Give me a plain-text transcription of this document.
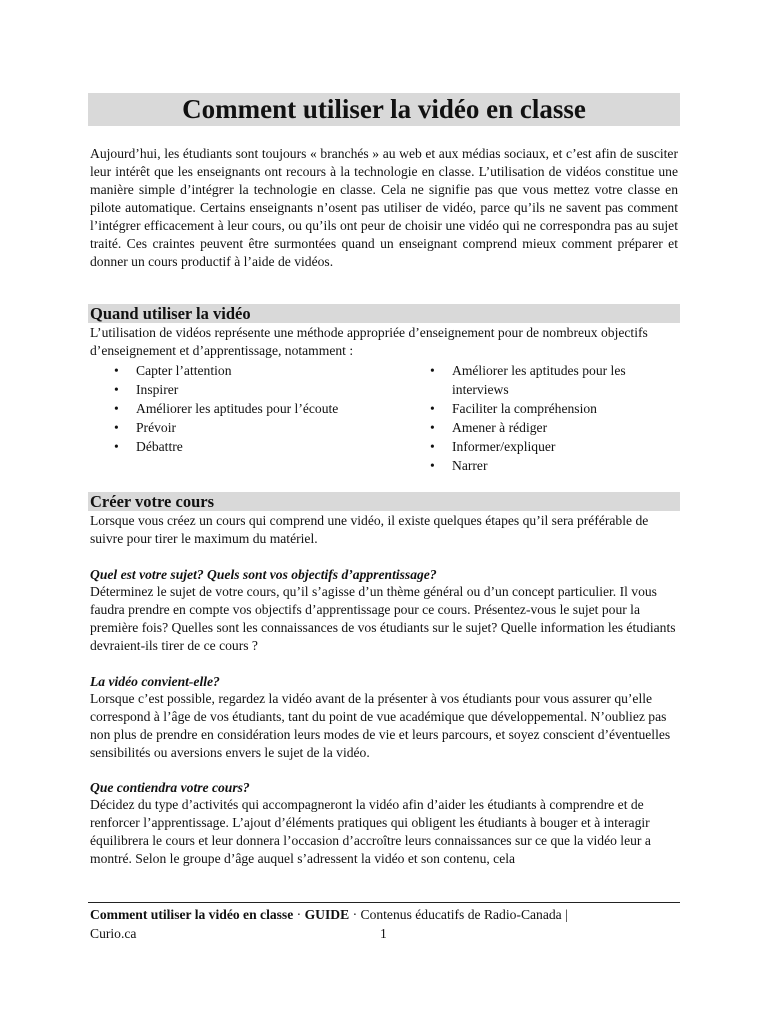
Comment utiliser la vidéo en classe

Aujourd’hui, les étudiants sont toujours « branchés » au web et aux médias sociaux, et c’est afin de susciter leur intérêt que les enseignants ont recours à la technologie en classe. L’utilisation de vidéos constitue une manière simple d’intégrer la technologie en classe. Cela ne signifie pas que vous mettez votre classe en pilote automatique. Certains enseignants n’osent pas utiliser de vidéo, parce qu’ils ne savent pas comment l’intégrer efficacement à leur cours, ou qu’ils ont peur de choisir une vidéo qui ne correspondra pas au sujet traité. Ces craintes peuvent être surmontées quand un enseignant comprend mieux comment préparer et donner un cours productif à l’aide de vidéos.

Quand utiliser la vidéo

L’utilisation de vidéos représente une méthode appropriée d’enseignement pour de nombreux objectifs d’enseignement et d’apprentissage, notamment :

• Capter l’attention
• Inspirer
• Améliorer les aptitudes pour l’écoute
• Prévoir
• Débattre
• Améliorer les aptitudes pour les interviews
• Faciliter la compréhension
• Amener à rédiger
• Informer/expliquer
• Narrer
Créer votre cours

Lorsque vous créez un cours qui comprend une vidéo, il existe quelques étapes qu’il sera préférable de suivre pour tirer le maximum du matériel.

Quel est votre sujet? Quels sont vos objectifs d’apprentissage?

Déterminez le sujet de votre cours, qu’il s’agisse d’un thème général ou d’un concept particulier. Il vous faudra prendre en compte vos objectifs d’apprentissage pour ce cours. Présentez-vous le sujet pour la première fois? Quelles sont les connaissances de vos étudiants sur le sujet? Quelle information les étudiants devraient-ils tirer de ce cours ?

La vidéo convient-elle?

Lorsque c’est possible, regardez la vidéo avant de la présenter à vos étudiants pour vous assurer qu’elle correspond à l’âge de vos étudiants, tant du point de vue académique que développemental. N’oubliez pas non plus de prendre en considération leurs modes de vie et leurs parcours, et soyez conscient d’éventuelles sensibilités ou aversions envers le sujet de la vidéo.

Que contiendra votre cours?

Décidez du type d’activités qui accompagneront la vidéo afin d’aider les étudiants à comprendre et de renforcer l’apprentissage. L’ajout d’éléments pratiques qui obligent les étudiants à bouger et à interagir équilibrera le cours et leur donnera l’occasion d’accroître leurs connaissances sur ce que la vidéo leur a montré. Selon le groupe d’âge auquel s’adressent la vidéo et son contenu, cela

Comment utiliser la vidéo en classe · GUIDE · Contenus éducatifs de Radio-Canada |
Curio.ca	1
